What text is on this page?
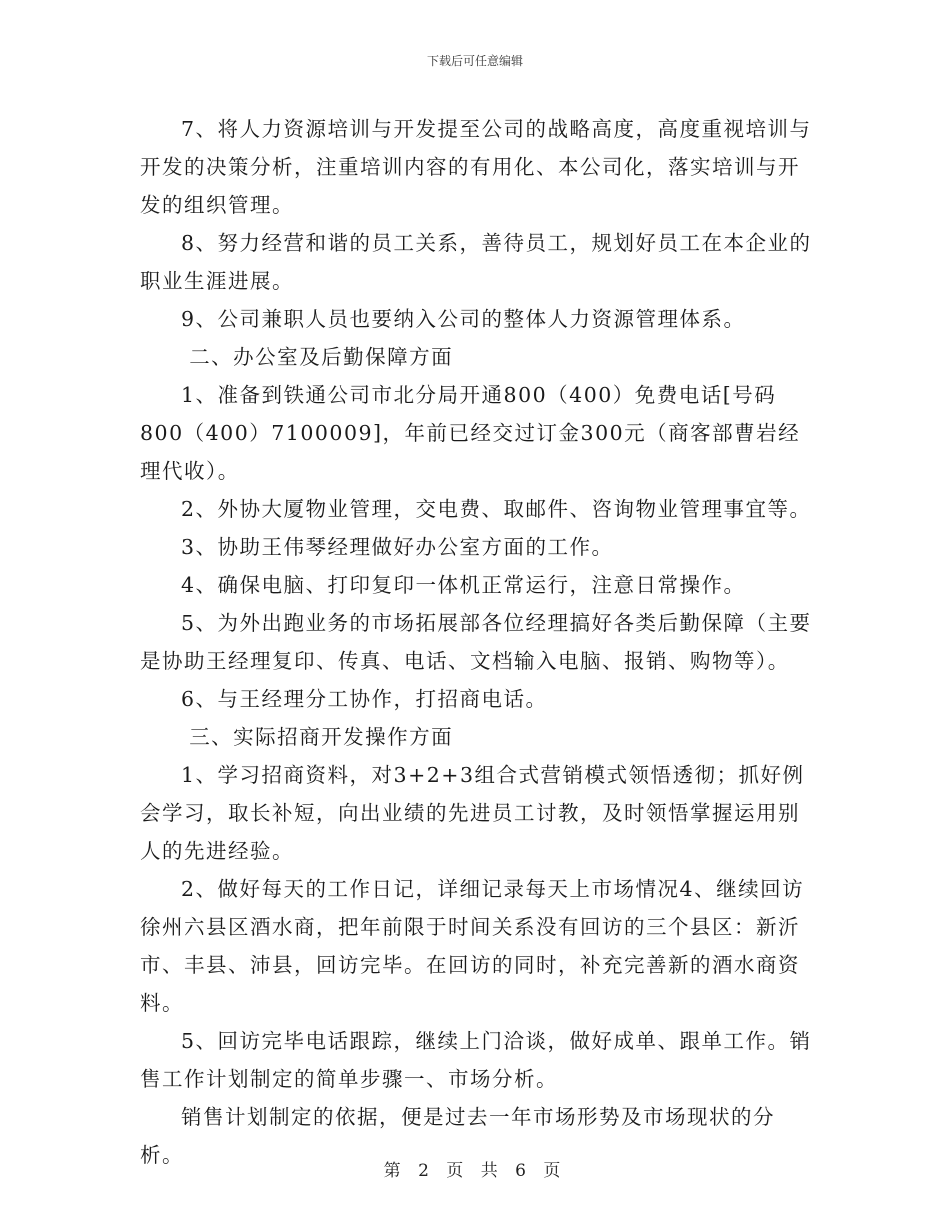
下载后可任意编辑

7、将人力资源培训与开发提至公司的战略高度，高度重视培训与开发的决策分析，注重培训内容的有用化、本公司化，落实培训与开发的组织管理。

8、努力经营和谐的员工关系，善待员工，规划好员工在本企业的职业生涯进展。

9、公司兼职人员也要纳入公司的整体人力资源管理体系。

二、办公室及后勤保障方面

1、准备到铁通公司市北分局开通800（400）免费电话[号码800（400）7100009]，年前已经交过订金300元（商客部曹岩经理代收）。

2、外协大厦物业管理，交电费、取邮件、咨询物业管理事宜等。

3、协助王伟琴经理做好办公室方面的工作。

4、确保电脑、打印复印一体机正常运行，注意日常操作。

5、为外出跑业务的市场拓展部各位经理搞好各类后勤保障（主要是协助王经理复印、传真、电话、文档输入电脑、报销、购物等）。

6、与王经理分工协作，打招商电话。

三、实际招商开发操作方面

1、学习招商资料，对3+2+3组合式营销模式领悟透彻；抓好例会学习，取长补短，向出业绩的先进员工讨教，及时领悟掌握运用别人的先进经验。

2、做好每天的工作日记，详细记录每天上市场情况4、继续回访徐州六县区酒水商，把年前限于时间关系没有回访的三个县区：新沂市、丰县、沛县，回访完毕。在回访的同时，补充完善新的酒水商资料。

5、回访完毕电话跟踪，继续上门洽谈，做好成单、跟单工作。销售工作计划制定的简单步骤一、市场分析。

销售计划制定的依据，便是过去一年市场形势及市场现状的分析。

第 2 页 共 6 页
